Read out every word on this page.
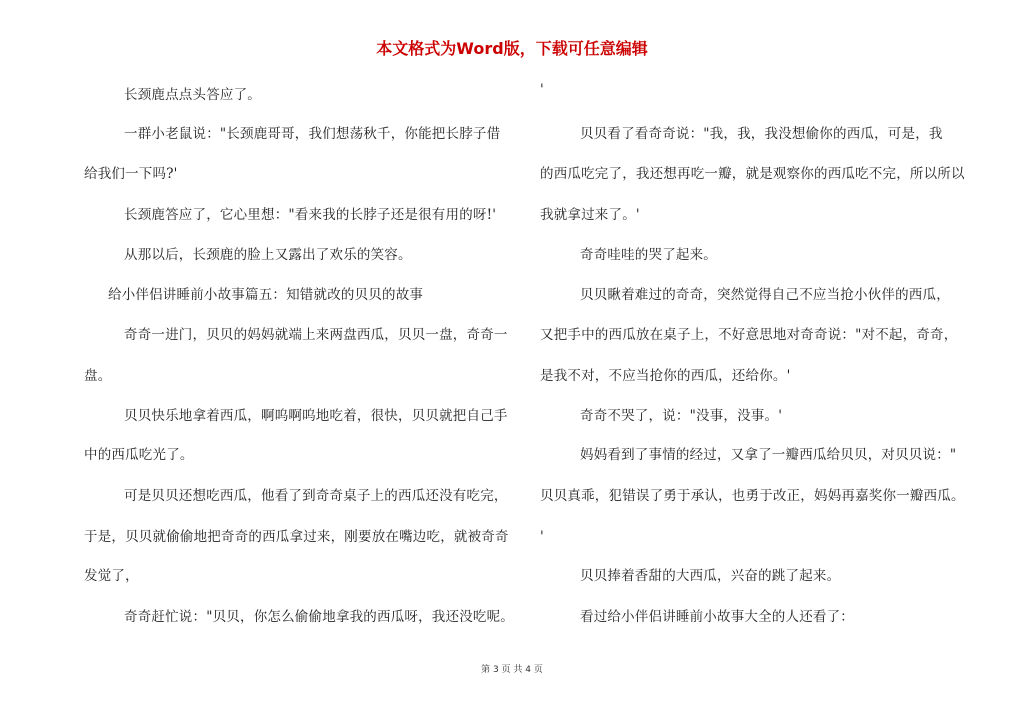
本文格式为Word版，下载可任意编辑
长颈鹿点点头答应了。
一群小老鼠说："长颈鹿哥哥，我们想荡秋千，你能把长脖子借
给我们一下吗?'
长颈鹿答应了，它心里想："看来我的长脖子还是很有用的呀!'
从那以后，长颈鹿的脸上又露出了欢乐的笑容。
给小伴侣讲睡前小故事篇五：知错就改的贝贝的故事
奇奇一进门，贝贝的妈妈就端上来两盘西瓜，贝贝一盘，奇奇一
盘。
贝贝快乐地拿着西瓜，啊呜啊呜地吃着，很快，贝贝就把自己手
中的西瓜吃光了。
可是贝贝还想吃西瓜，他看了到奇奇桌子上的西瓜还没有吃完，
于是，贝贝就偷偷地把奇奇的西瓜拿过来，刚要放在嘴边吃，就被奇奇
发觉了，
奇奇赶忙说："贝贝，你怎么偷偷地拿我的西瓜呀，我还没吃呢。
'
贝贝看了看奇奇说："我，我，我没想偷你的西瓜，可是，我
的西瓜吃完了，我还想再吃一瓣，就是观察你的西瓜吃不完，所以所以
我就拿过来了。'
奇奇哇哇的哭了起来。
贝贝瞅着难过的奇奇，突然觉得自己不应当抢小伙伴的西瓜，
又把手中的西瓜放在桌子上，不好意思地对奇奇说："对不起，奇奇，
是我不对，不应当抢你的西瓜，还给你。'
奇奇不哭了，说："没事，没事。'
妈妈看到了事情的经过，又拿了一瓣西瓜给贝贝，对贝贝说："
贝贝真乖，犯错误了勇于承认，也勇于改正，妈妈再嘉奖你一瓣西瓜。
'
贝贝捧着香甜的大西瓜，兴奋的跳了起来。
看过给小伴侣讲睡前小故事大全的人还看了：
第 3 页 共 4 页
